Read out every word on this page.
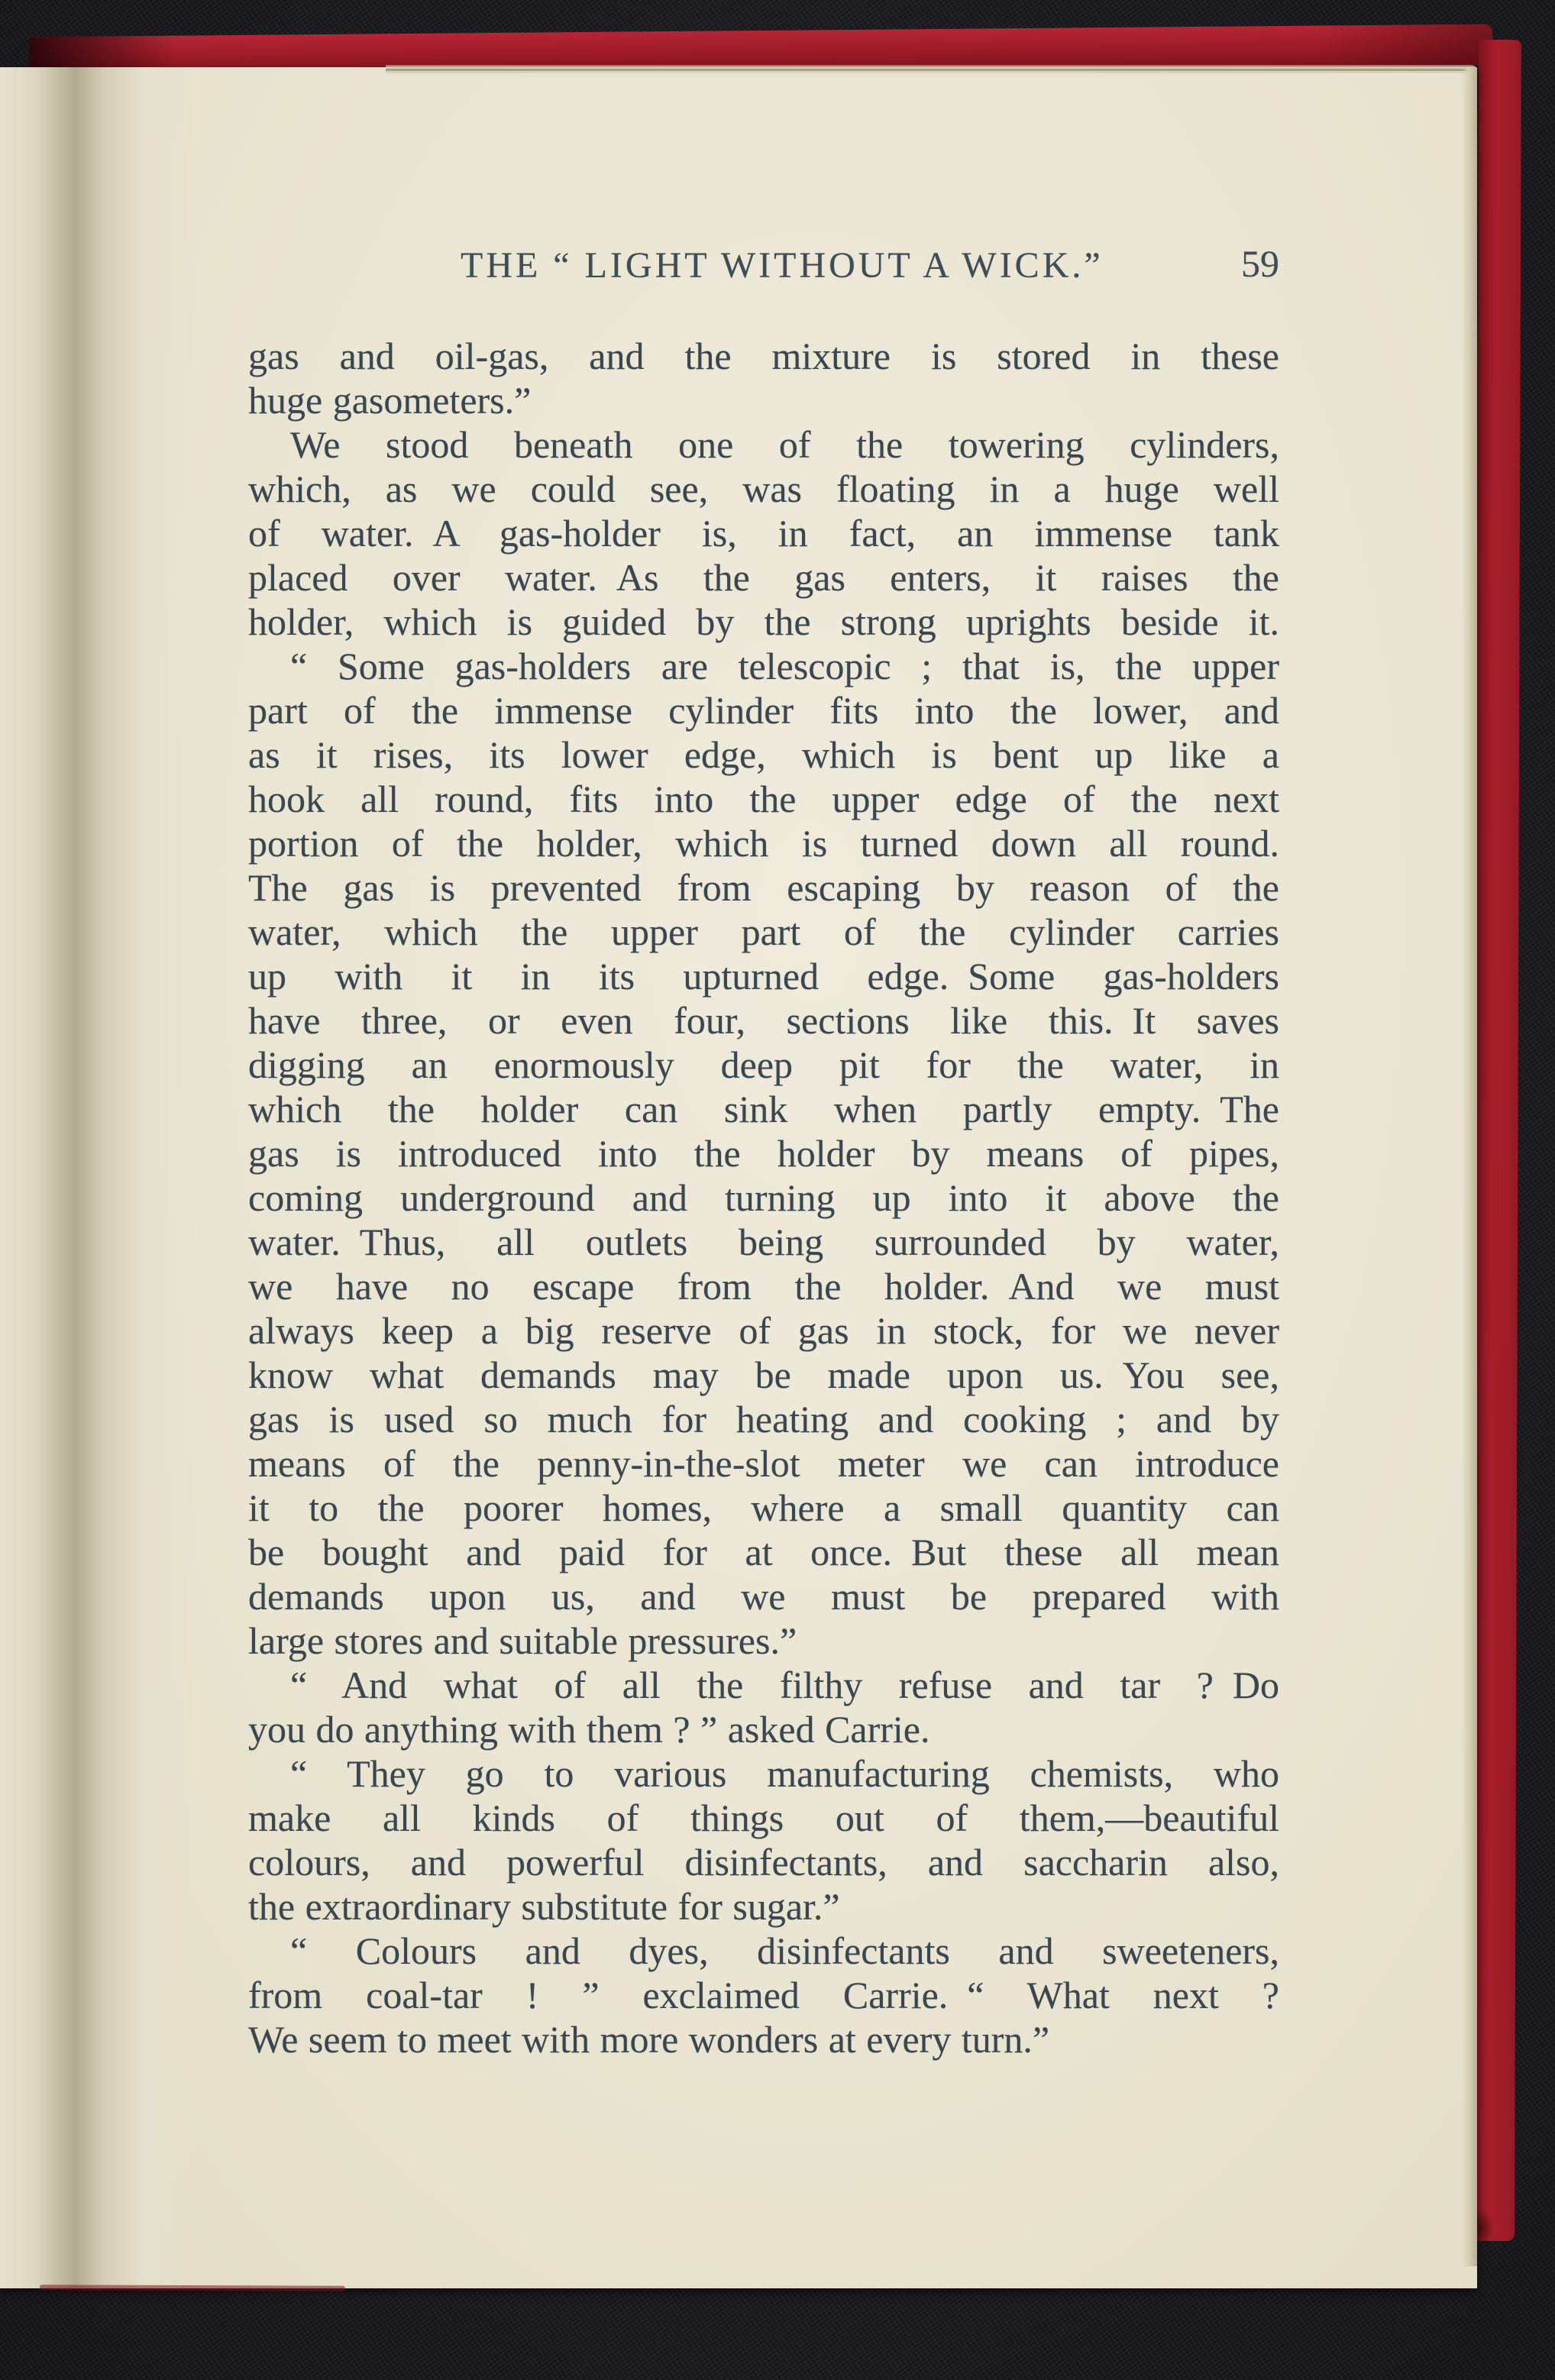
THE “ LIGHT WITHOUT A WICK.”	59
gas and oil-gas, and the mixture is stored in these
huge gasometers.”
We stood beneath one of the towering cylinders,
which, as we could see, was floating in a huge well
of water. A gas-holder is, in fact, an immense tank
placed over water. As the gas enters, it raises the
holder, which is guided by the strong uprights beside it.
“ Some gas-holders are telescopic ; that is, the upper
part of the immense cylinder fits into the lower, and
as it rises, its lower edge, which is bent up like a
hook all round, fits into the upper edge of the next
portion of the holder, which is turned down all round.
The gas is prevented from escaping by reason of the
water, which the upper part of the cylinder carries
up with it in its upturned edge. Some gas-holders
have three, or even four, sections like this. It saves
digging an enormously deep pit for the water, in
which the holder can sink when partly empty. The
gas is introduced into the holder by means of pipes,
coming underground and turning up into it above the
water. Thus, all outlets being surrounded by water,
we have no escape from the holder. And we must
always keep a big reserve of gas in stock, for we never
know what demands may be made upon us. You see,
gas is used so much for heating and cooking ; and by
means of the penny-in-the-slot meter we can introduce
it to the poorer homes, where a small quantity can
be bought and paid for at once. But these all mean
demands upon us, and we must be prepared with
large stores and suitable pressures.”
“ And what of all the filthy refuse and tar ? Do
you do anything with them ? ” asked Carrie.
“ They go to various manufacturing chemists, who
make all kinds of things out of them,—beautiful
colours, and powerful disinfectants, and saccharin also,
the extraordinary substitute for sugar.”
“ Colours and dyes, disinfectants and sweeteners,
from coal-tar ! ” exclaimed Carrie. “ What next ?
We seem to meet with more wonders at every turn.”
